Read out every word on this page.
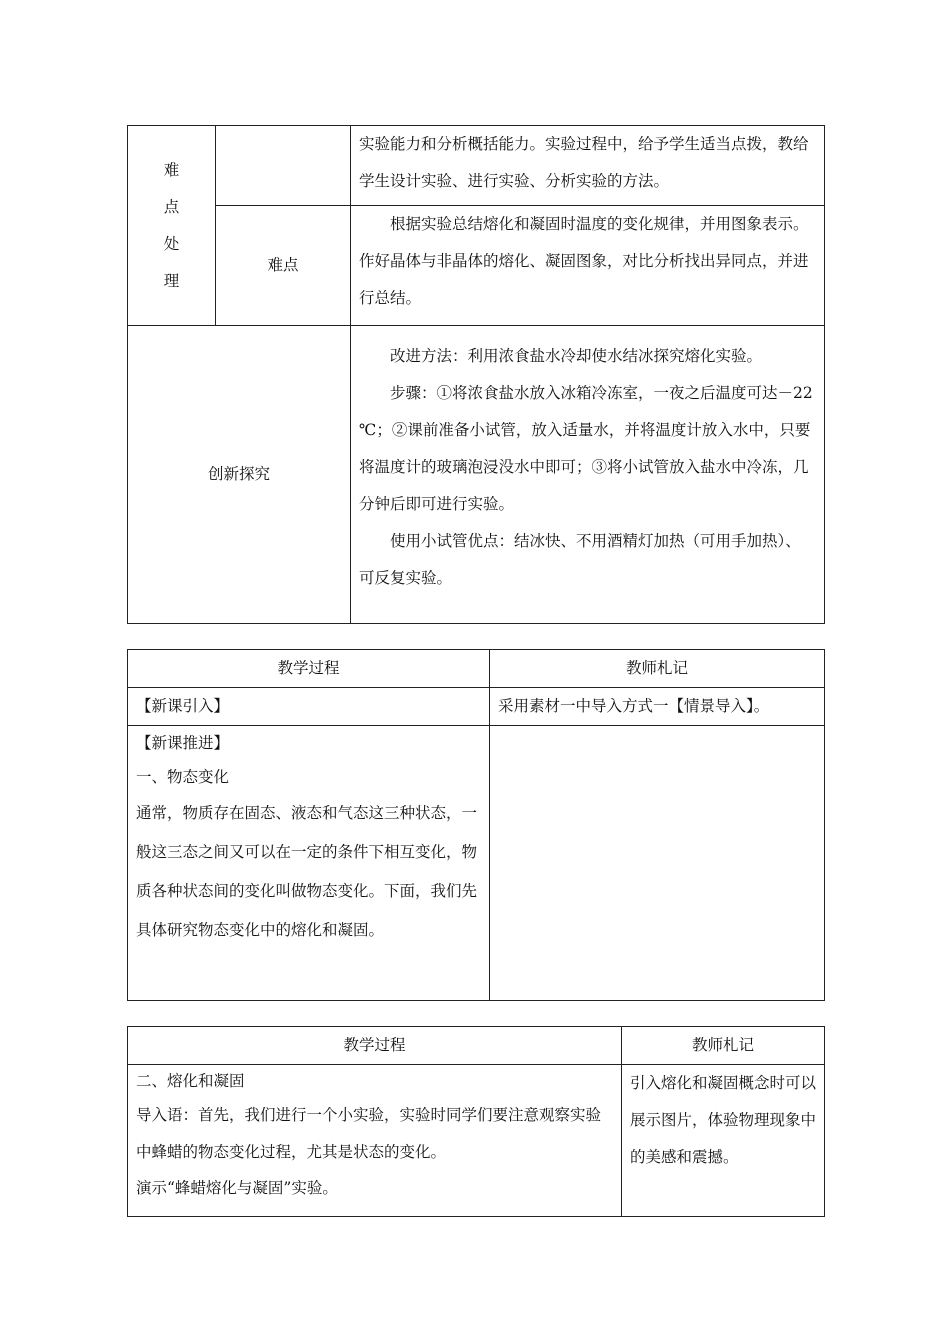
难
点
处
理		实验能力和分析概括能力。实验过程中，给予学生适当点拨，教给学生设计实验、进行实验、分析实验的方法。

	难点	根据实验总结熔化和凝固时温度的变化规律，并用图象表示。作好晶体与非晶体的熔化、凝固图象，对比分析找出异同点，并进行总结。
创新探究		改进方法：利用浓食盐水冷却使水结冰探究熔化实验。
步骤：①将浓食盐水放入冰箱冷冻室，一夜之后温度可达－22 ℃；②课前准备小试管，放入适量水，并将温度计放入水中，只要将温度计的玻璃泡浸没水中即可；③将小试管放入盐水中冷冻，几分钟后即可进行实验。
使用小试管优点：结冰快、不用酒精灯加热（可用手加热）、可反复实验。
教学过程	教师札记
【新课引入】	采用素材一中导入方式一【情景导入】。

【新课推进】
一、物态变化
通常，物质存在固态、液态和气态这三种状态，一般这三态之间又可以在一定的条件下相互变化，物质各种状态间的变化叫做物态变化。下面，我们先具体研究物态变化中的熔化和凝固。	

教学过程	教师札记

二、熔化和凝固
导入语：首先，我们进行一个小实验，实验时同学们要注意观察实验中蜂蜡的物态变化过程，尤其是状态的变化。
演示“蜂蜡熔化与凝固”实验。	引入熔化和凝固概念时可以展示图片，体验物理现象中的美感和震撼。
